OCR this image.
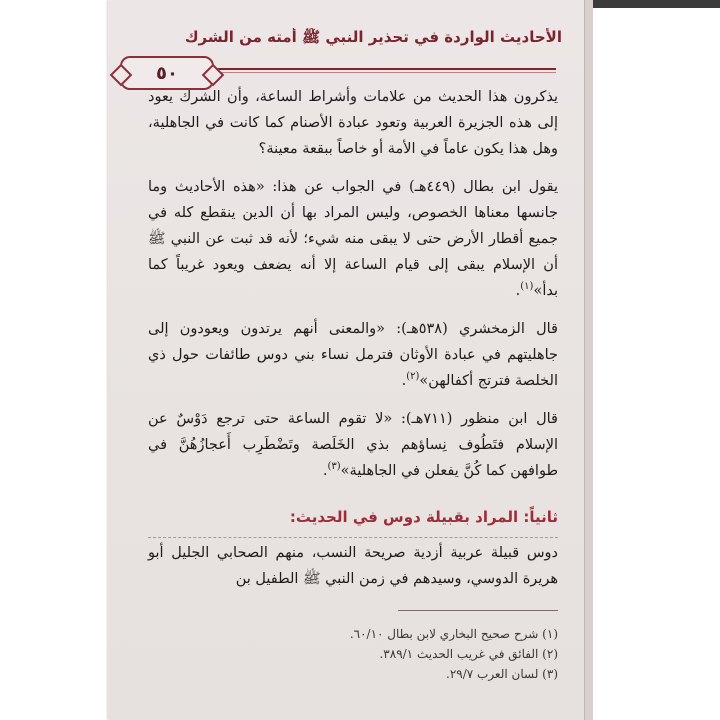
الأحاديث الواردة في تحذير النبي ﷺ أمته من الشرك
٥٠

يذكرون هذا الحديث من علامات وأشراط الساعة، وأن الشرك يعود إلى هذه الجزيرة العربية وتعود عبادة الأصنام كما كانت في الجاهلية، وهل هذا يكون عاماً في الأمة أو خاصاً ببقعة معينة؟

يقول ابن بطال (٤٤٩هـ) في الجواب عن هذا: «هذه الأحاديث وما جانسها معناها الخصوص، وليس المراد بها أن الدين ينقطع كله في جميع أقطار الأرض حتى لا يبقى منه شيء؛ لأنه قد ثبت عن النبي ﷺ أن الإسلام يبقى إلى قيام الساعة إلا أنه يضعف ويعود غريباً كما بدأ»$^{(١)}$.

قال الزمخشري (٥٣٨هـ): «والمعنى أنهم يرتدون ويعودون إلى جاهليتهم في عبادة الأوثان فترمل نساء بني دوس طائفات حول ذي الخلصة فترتج أكفالهن»$^{(٢)}$.

قال ابن منظور (٧١١هـ): «لا تقوم الساعة حتى ترجع دَوْسٌ عن الإسلام فتَطُوف نِساؤهم بذي الخَلَصة وتَضْطَرِب أَعجازُهُنَّ في طوافهن كما كُنَّ يفعلن في الجاهلية»$^{(٣)}$.

ثانياً: المراد بقبيلة دوس في الحديث:

دوس قبيلة عربية أزدية صريحة النسب، منهم الصحابي الجليل أبو هريرة الدوسي، وسيدهم في زمن النبي ﷺ الطفيل بن

(١) شرح صحيح البخاري لابن بطال ٦٠/١٠.
(٢) الفائق في غريب الحديث ٣٨٩/١.
(٣) لسان العرب ٢٩/٧.
